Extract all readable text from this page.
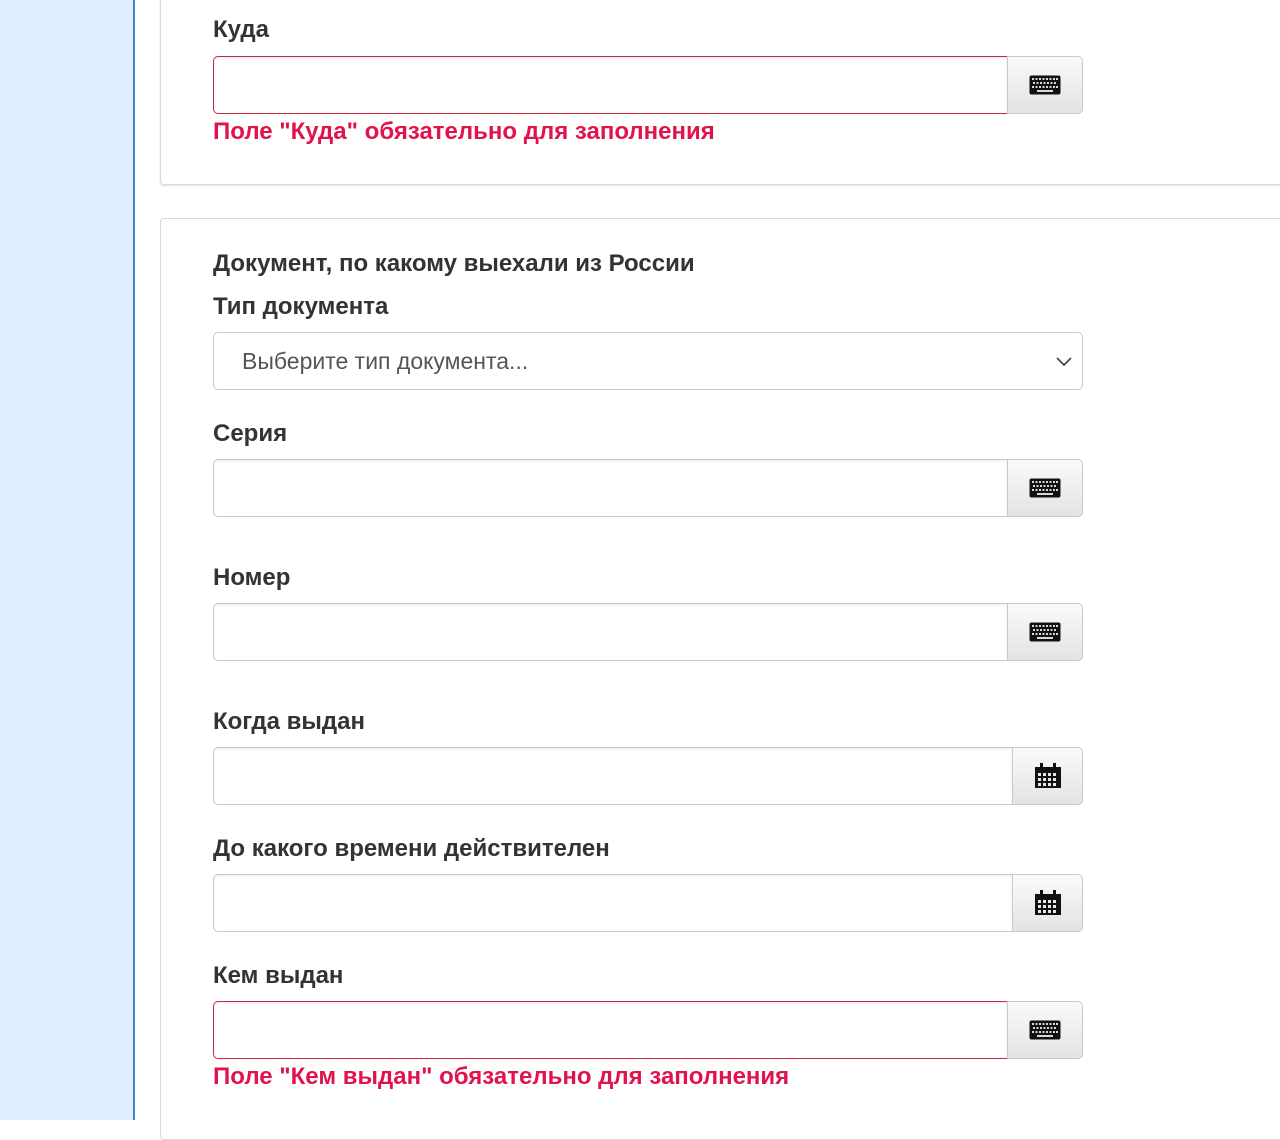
Куда
Поле "Куда" обязательно для заполнения
Документ, по какому выехали из России
Тип документа
Выберите тип документа...
Серия
Номер
Когда выдан
До какого времени действителен
Кем выдан
Поле "Кем выдан" обязательно для заполнения
